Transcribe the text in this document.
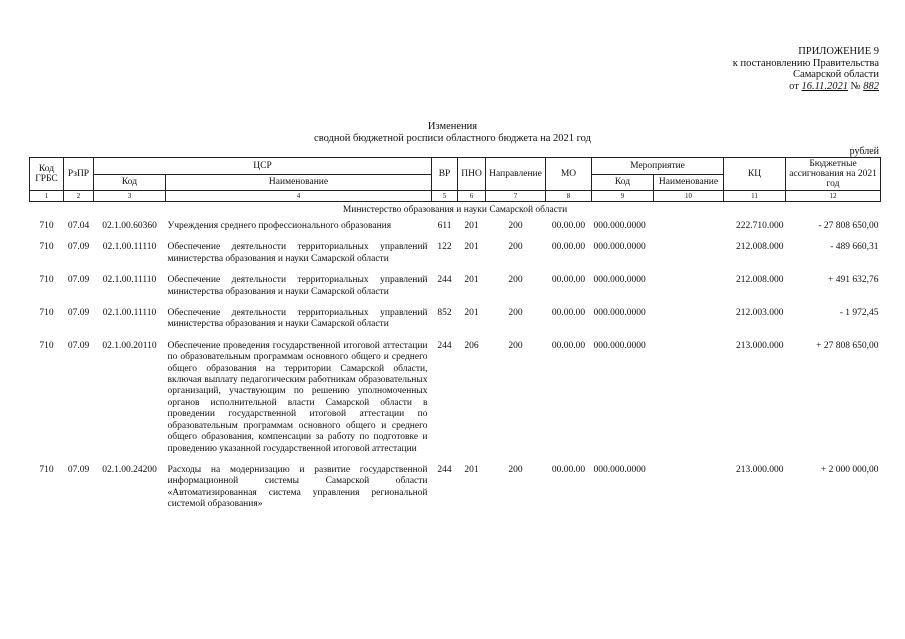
ПРИЛОЖЕНИЕ 9
к постановлению Правительства
Самарской области
от 16.11.2021 № 882
Изменения
сводной бюджетной росписи областного бюджета на 2021 год
рублей
Код ГРБС	РзПР	ЦСР		ВР	ПНО	Направление	МО	Мероприятие		КЦ	Бюджетные ассигнования на 2021 год
		Код	Наименование					Код	Наименование		
1	2	3	4	5	6	7	8	9	10	11	12
Министерство образования и науки Самарской области											
710	07.04	02.1.00.60360	Учреждения среднего профессионального образования	611	201	200	00.00.00	000.000.0000		222.710.000	- 27 808 650,00

710	07.09	02.1.00.11110	Обеспечение деятельности территориальных управлений министерства образования и науки Самарской области	122	201	200	00.00.00	000.000.0000		212.008.000	- 489 660,31

710	07.09	02.1.00.11110	Обеспечение деятельности территориальных управлений министерства образования и науки Самарской области	244	201	200	00.00.00	000.000.0000		212.008.000	+ 491 632,76

710	07.09	02.1.00.11110	Обеспечение деятельности территориальных управлений министерства образования и науки Самарской области	852	201	200	00.00.00	000.000.0000		212.003.000	- 1 972,45

710	07.09	02.1.00.20110	Обеспечение проведения государственной итоговой аттестации по образовательным программам основного общего и среднего общего образования на территории Самарской области, включая выплату педагогическим работникам образовательных организаций, участвующим по решению уполномоченных органов исполнительной власти Самарской области в проведении государственной итоговой аттестации по образовательным программам основного общего и среднего общего образования, компенсации за работу по подготовке и проведению указанной государственной итоговой аттестации	244	206	200	00.00.00	000.000.0000		213.000.000	+ 27 808 650,00

710	07.09	02.1.00.24200	Расходы на модернизацию и развитие государственной информационной системы Самарской области «Автоматизированная система управления региональной системой образования»	244	201	200	00.00.00	000.000.0000		213.000.000	+ 2 000 000,00
